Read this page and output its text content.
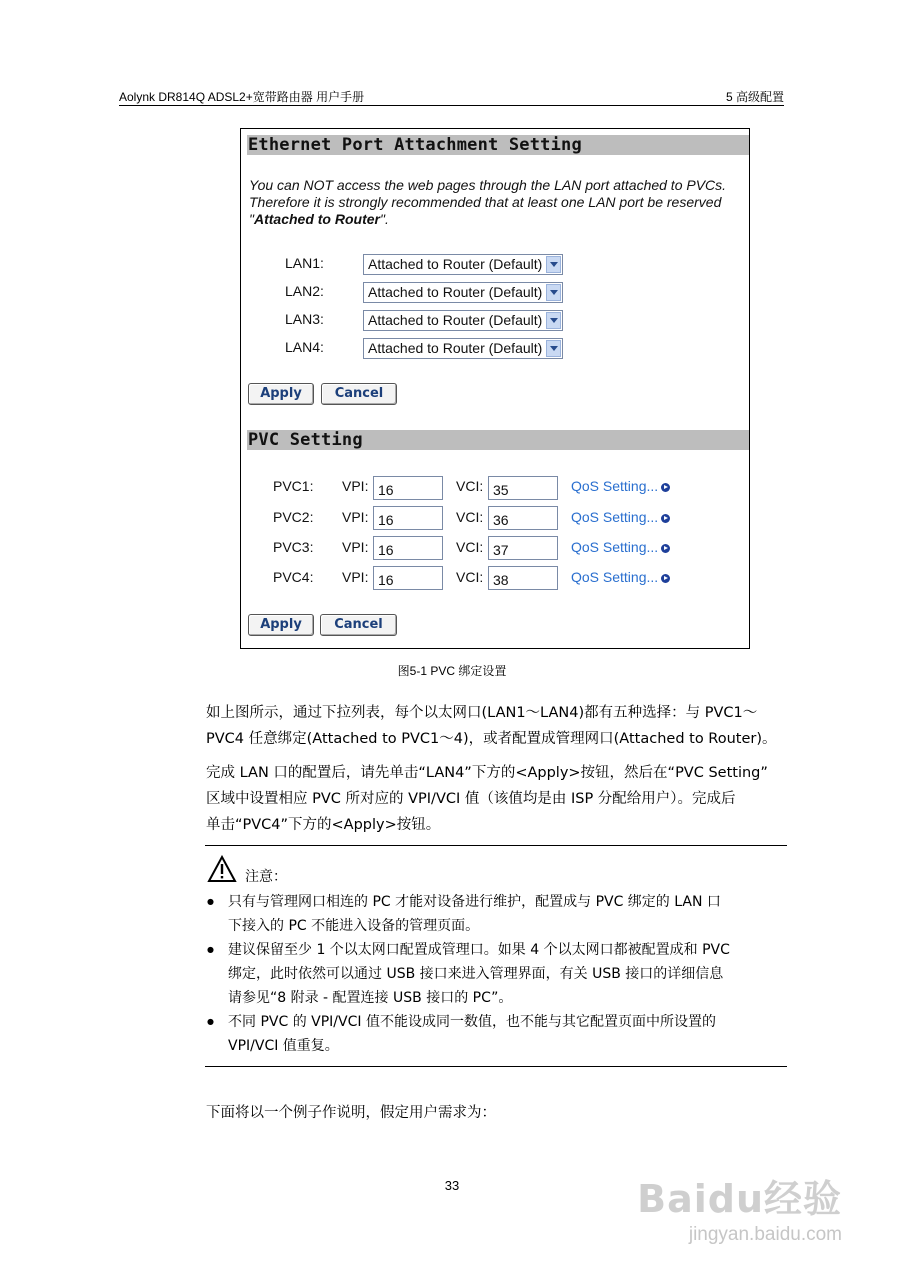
Aolynk DR814Q ADSL2+宽带路由器 用户手册	5 高级配置
Ethernet Port Attachment Setting
You can NOT access the web pages through the LAN port attached to PVCs.
Therefore it is strongly recommended that at least one LAN port be reserved
"Attached to Router".
LAN1:	Attached to Router (Default)
LAN2:	Attached to Router (Default)
LAN3:	Attached to Router (Default)
LAN4:	Attached to Router (Default)
Apply	Cancel
PVC Setting
PVC1: VPI: 16	VCI: 35	QoS Setting...
PVC2: VPI: 16	VCI: 36	QoS Setting...
PVC3: VPI: 16	VCI: 37	QoS Setting...
PVC4: VPI: 16	VCI: 38	QoS Setting...
Apply	Cancel
图5-1 PVC 绑定设置
如上图所示，通过下拉列表，每个以太网口(LAN1～LAN4)都有五种选择：与 PVC1～
PVC4 任意绑定(Attached to PVC1～4)，或者配置成管理网口(Attached to Router)。
完成 LAN 口的配置后，请先单击“LAN4”下方的<Apply>按钮，然后在“PVC Setting”
区域中设置相应 PVC 所对应的 VPI/VCI 值（该值均是由 ISP 分配给用户）。完成后
单击“PVC4”下方的<Apply>按钮。
注意：
● 只有与管理网口相连的 PC 才能对设备进行维护，配置成与 PVC 绑定的 LAN 口
下接入的 PC 不能进入设备的管理页面。
● 建议保留至少 1 个以太网口配置成管理口。如果 4 个以太网口都被配置成和 PVC
绑定，此时依然可以通过 USB 接口来进入管理界面，有关 USB 接口的详细信息
请参见“8 附录 - 配置连接 USB 接口的 PC”。
● 不同 PVC 的 VPI/VCI 值不能设成同一数值，也不能与其它配置页面中所设置的
VPI/VCI 值重复。
下面将以一个例子作说明，假定用户需求为：
33	Baidu经验
jingyan.baidu.com
